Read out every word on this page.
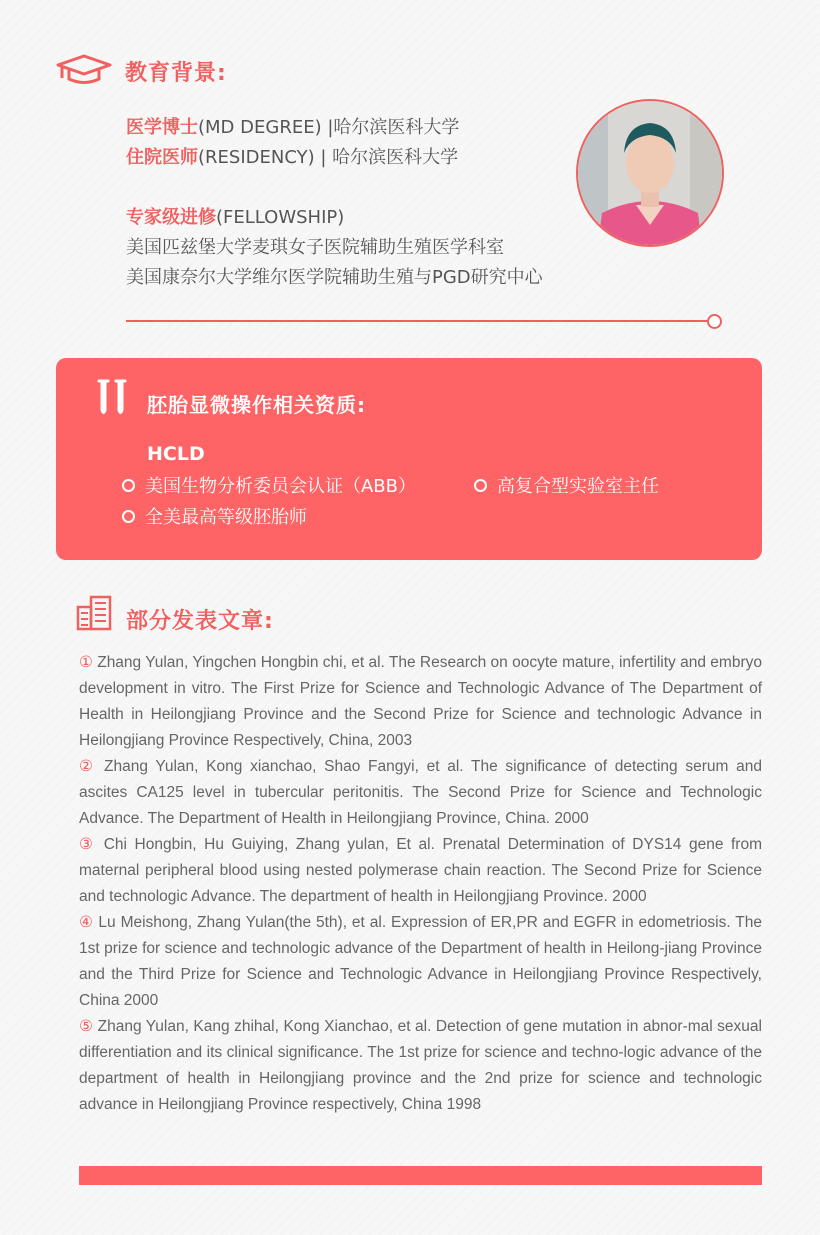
教育背景:
医学博士(MD DEGREE) |哈尔滨医科大学
住院医师(RESIDENCY) | 哈尔滨医科大学
专家级进修(FELLOWSHIP)
美国匹兹堡大学麦琪女子医院辅助生殖医学科室
美国康奈尔大学维尔医学院辅助生殖与PGD研究中心
胚胎显微操作相关资质:
HCLD
美国生物分析委员会认证（ABB）	高复合型实验室主任
全美最高等级胚胎师
部分发表文章:

① Zhang Yulan, Yingchen Hongbin chi, et al. The Research on oocyte mature, infertility and embryo development in vitro. The First Prize for Science and Technologic Advance of The Department of Health in Heilongjiang Province and the Second Prize for Science and technologic Advance in Heilongjiang Province Respectively, China, 2003

② Zhang Yulan, Kong xianchao, Shao Fangyi, et al. The significance of detecting serum and ascites CA125 level in tubercular peritonitis. The Second Prize for Science and Technologic Advance. The Department of Health in Heilongjiang Province, China. 2000

③ Chi Hongbin, Hu Guiying, Zhang yulan, Et al. Prenatal Determination of DYS14 gene from maternal peripheral blood using nested polymerase chain reaction. The Second Prize for Science and technologic Advance. The department of health in Heilongjiang Province. 2000

④ Lu Meishong, Zhang Yulan(the 5th), et al. Expression of ER,PR and EGFR in edometriosis. The 1st prize for science and technologic advance of the Department of health in Heilong-jiang Province and the Third Prize for Science and Technologic Advance in Heilongjiang Province Respectively, China 2000

⑤ Zhang Yulan, Kang zhihal, Kong Xianchao, et al. Detection of gene mutation in abnor-mal sexual differentiation and its clinical significance. The 1st prize for science and techno-logic advance of the department of health in Heilongjiang province and the 2nd prize for science and technologic advance in Heilongjiang Province respectively, China 1998
